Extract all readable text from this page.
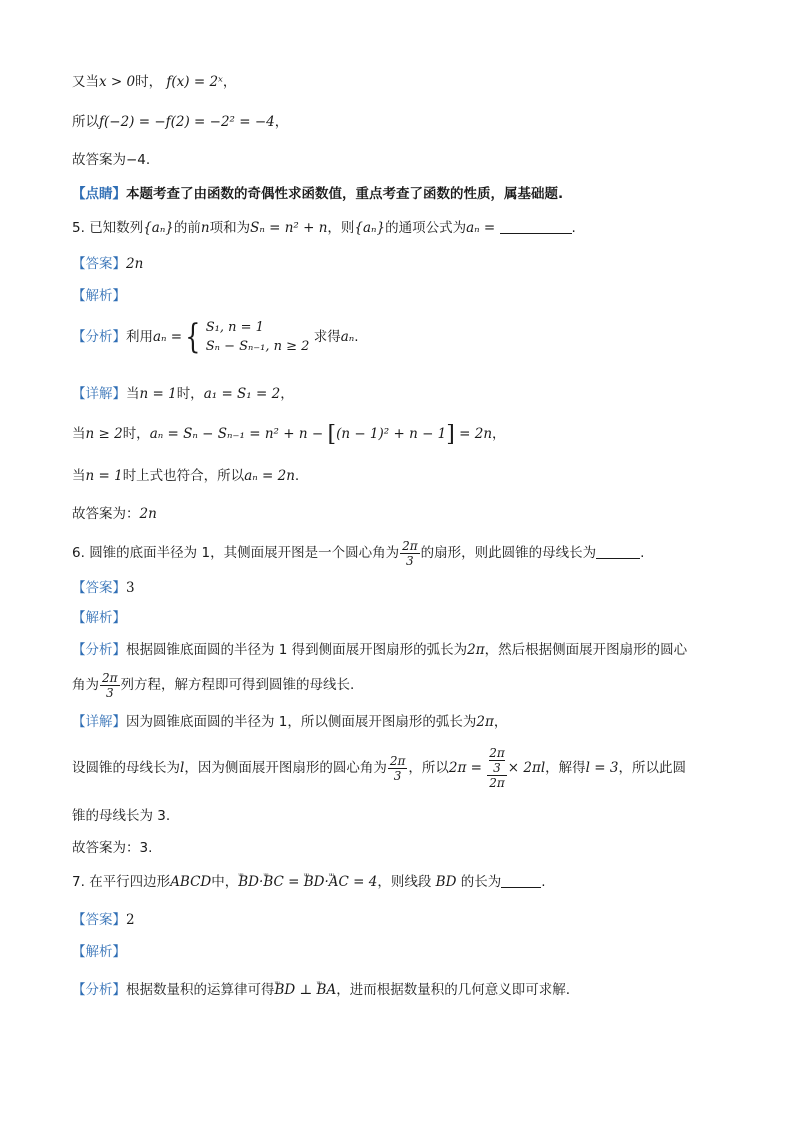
又当x > 0时， f(x) = 2ˣ，
所以f(−2) = −f(2) = −2² = −4，
故答案为−4.
【点睛】本题考查了由函数的奇偶性求函数值，重点考查了函数的性质，属基础题.
5. 已知数列{aₙ}的前n项和为Sₙ = n² + n，则{aₙ}的通项公式为aₙ =	.
【答案】2n
【解析】
【分析】利用aₙ ={ S₁, n = 1
Sₙ − Sₙ₋₁, n ≥ 2
求得aₙ.
【详解】当n = 1时，a₁ = S₁ = 2，
当n ≥ 2时，aₙ = Sₙ − Sₙ₋₁ = n² + n − [(n − 1)² + n − 1] = 2n，
当n = 1时上式也符合，所以aₙ = 2n.
故答案为：2n
6. 圆锥的底面半径为 1，其侧面展开图是一个圆心角为 $\frac{2\pi}{3}$ 的扇形，则此圆锥的母线长为	.
【答案】3
【解析】
【分析】根据圆锥底面圆的半径为 1 得到侧面展开图扇形的弧长为2π，然后根据侧面展开图扇形的圆心
角为 $\frac{2\pi}{3}$ 列方程，解方程即可得到圆锥的母线长.
【详解】因为圆锥底面圆的半径为 1，所以侧面展开图扇形的弧长为2π，
设圆锥的母线长为l，因为侧面展开图扇形的圆心角为 $\frac{2\pi}{3}$ ，所以$2\pi = \frac{\frac{2\pi}{3}}{2\pi} \times 2\pi l$，解得l = 3，所以此圆
锥的母线长为 3.
故答案为：3.
7. 在平行四边形ABCD中，ᵤᵤ BD·ᵤᵤ BC = ᵤᵤ BD·ᵤᵤ AC = 4，则线段 BD 的长为	.
【答案】2
【解析】
【分析】根据数量积的运算律可得ᵤᵤ BD ⊥ ᵤᵤ BA，进而根据数量积的几何意义即可求解.
